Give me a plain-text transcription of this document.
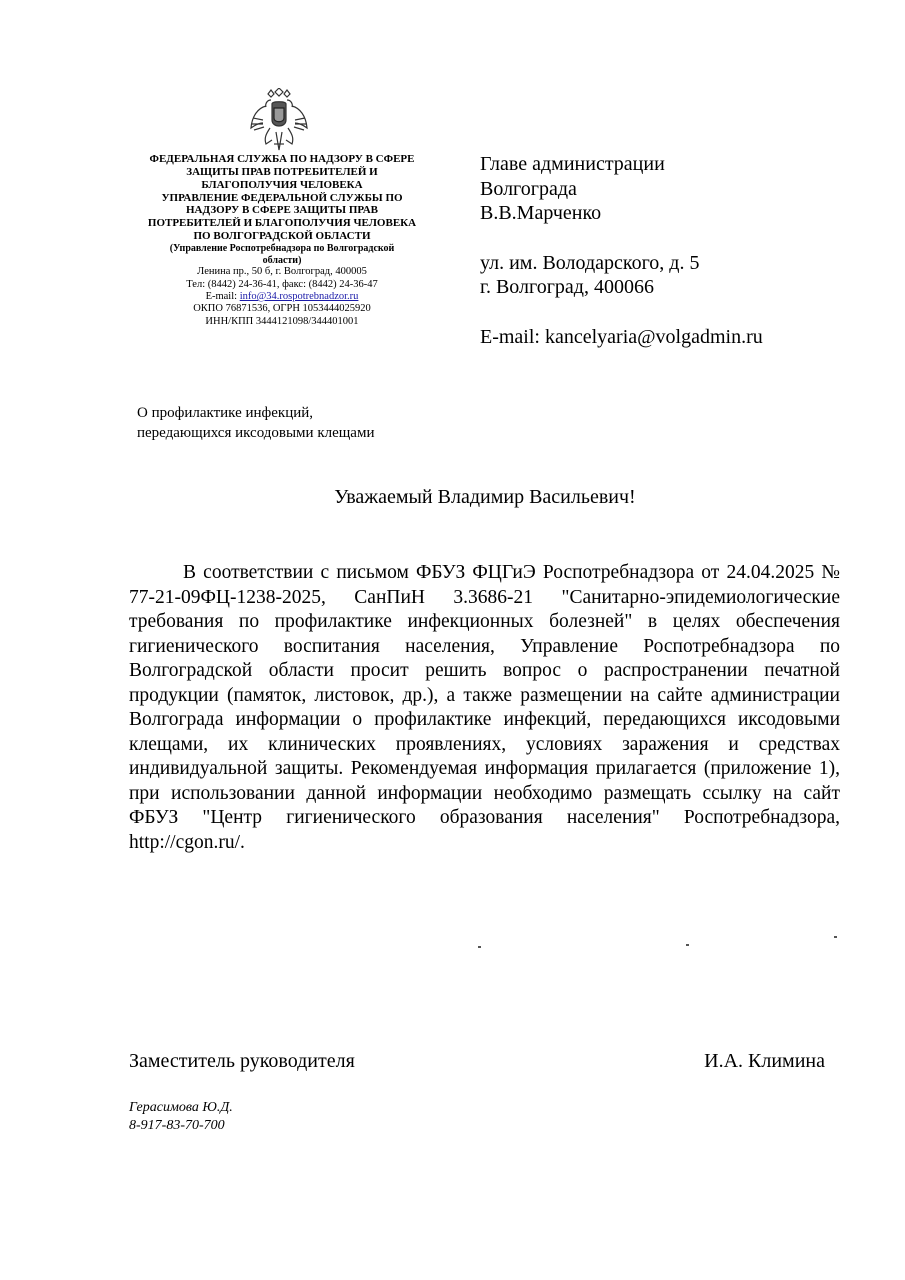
ФЕДЕРАЛЬНАЯ СЛУЖБА ПО НАДЗОРУ В СФЕРЕ
ЗАЩИТЫ ПРАВ ПОТРЕБИТЕЛЕЙ И
БЛАГОПОЛУЧИЯ ЧЕЛОВЕКА
УПРАВЛЕНИЕ ФЕДЕРАЛЬНОЙ СЛУЖБЫ ПО
НАДЗОРУ В СФЕРЕ ЗАЩИТЫ ПРАВ
ПОТРЕБИТЕЛЕЙ И БЛАГОПОЛУЧИЯ ЧЕЛОВЕКА
ПО ВОЛГОГРАДСКОЙ ОБЛАСТИ
(Управление Роспотребнадзора по Волгоградской
области)
Ленина пр., 50 б, г. Волгоград, 400005
Тел: (8442) 24-36-41, факс: (8442) 24-36-47
E-mail: info@34.rospotrebnadzor.ru
ОКПО 76871536, ОГРН 1053444025920
ИНН/КПП 3444121098/344401001
Главе администрации
Волгограда
В.В.Марченко
ул. им. Володарского, д. 5
г. Волгоград, 400066
E-mail: kancelyaria@volgadmin.ru
О профилактике инфекций,
передающихся иксодовыми клещами
Уважаемый Владимир Васильевич!
В соответствии с письмом ФБУЗ ФЦГиЭ Роспотребнадзора от 24.04.2025 № 77-21-09ФЦ-1238-2025, СанПиН 3.3686-21 "Санитарно-эпидемиологические требования по профилактике инфекционных болезней" в целях обеспечения гигиенического воспитания населения, Управление Роспотребнадзора по Волгоградской области просит решить вопрос о распространении печатной продукции (памяток, листовок, др.), а также размещении на сайте администрации Волгограда информации о профилактике инфекций, передающихся иксодовыми клещами, их клинических проявлениях, условиях заражения и средствах индивидуальной защиты. Рекомендуемая информация прилагается (приложение 1), при использовании данной информации необходимо размещать ссылку на сайт ФБУЗ "Центр гигиенического образования населения" Роспотребнадзора, http://cgon.ru/.
Заместитель руководителя	И.А. Климина
Герасимова Ю.Д.
8-917-83-70-700
